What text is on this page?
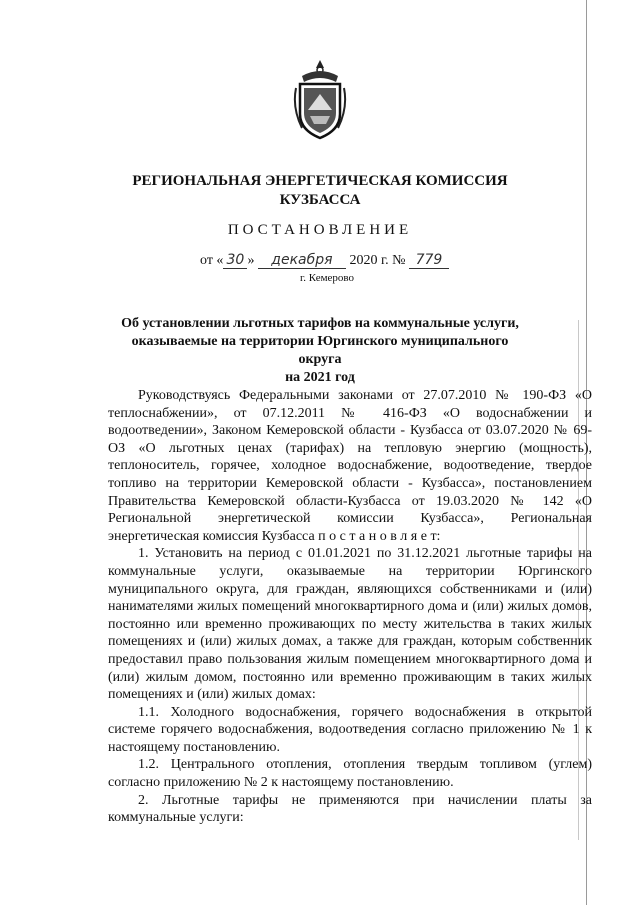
РЕГИОНАЛЬНАЯ ЭНЕРГЕТИЧЕСКАЯ КОМИССИЯ
КУЗБАССА
ПОСТАНОВЛЕНИЕ
от « 30 » декабря 2020 г. № 779
г. Кемерово
Об установлении льготных тарифов на коммунальные услуги,
оказываемые на территории Юргинского муниципального округа
на 2021 год

Руководствуясь Федеральными законами от 27.07.2010 № 190-ФЗ «О теплоснабжении», от 07.12.2011 № 416-ФЗ «О водоснабжении и водоотведении», Законом Кемеровской области - Кузбасса от 03.07.2020 № 69-ОЗ «О льготных ценах (тарифах) на тепловую энергию (мощность), теплоноситель, горячее, холодное водоснабжение, водоотведение, твердое топливо на территории Кемеровской области - Кузбасса», постановлением Правительства Кемеровской области-Кузбасса от 19.03.2020 № 142 «О Региональной энергетической комиссии Кузбасса», Региональная энергетическая комиссия Кузбасса п о с т а н о в л я е т:

1. Установить на период с 01.01.2021 по 31.12.2021 льготные тарифы на коммунальные услуги, оказываемые на территории Юргинского муниципального округа, для граждан, являющихся собственниками и (или) нанимателями жилых помещений многоквартирного дома и (или) жилых домов, постоянно или временно проживающих по месту жительства в таких жилых помещениях и (или) жилых домах, а также для граждан, которым собственник предоставил право пользования жилым помещением многоквартирного дома и (или) жилым домом, постоянно или временно проживающим в таких жилых помещениях и (или) жилых домах:

1.1. Холодного водоснабжения, горячего водоснабжения в открытой системе горячего водоснабжения, водоотведения согласно приложению № 1 к настоящему постановлению.

1.2. Центрального отопления, отопления твердым топливом (углем) согласно приложению № 2 к настоящему постановлению.

2. Льготные тарифы не применяются при начислении платы за коммунальные услуги:
